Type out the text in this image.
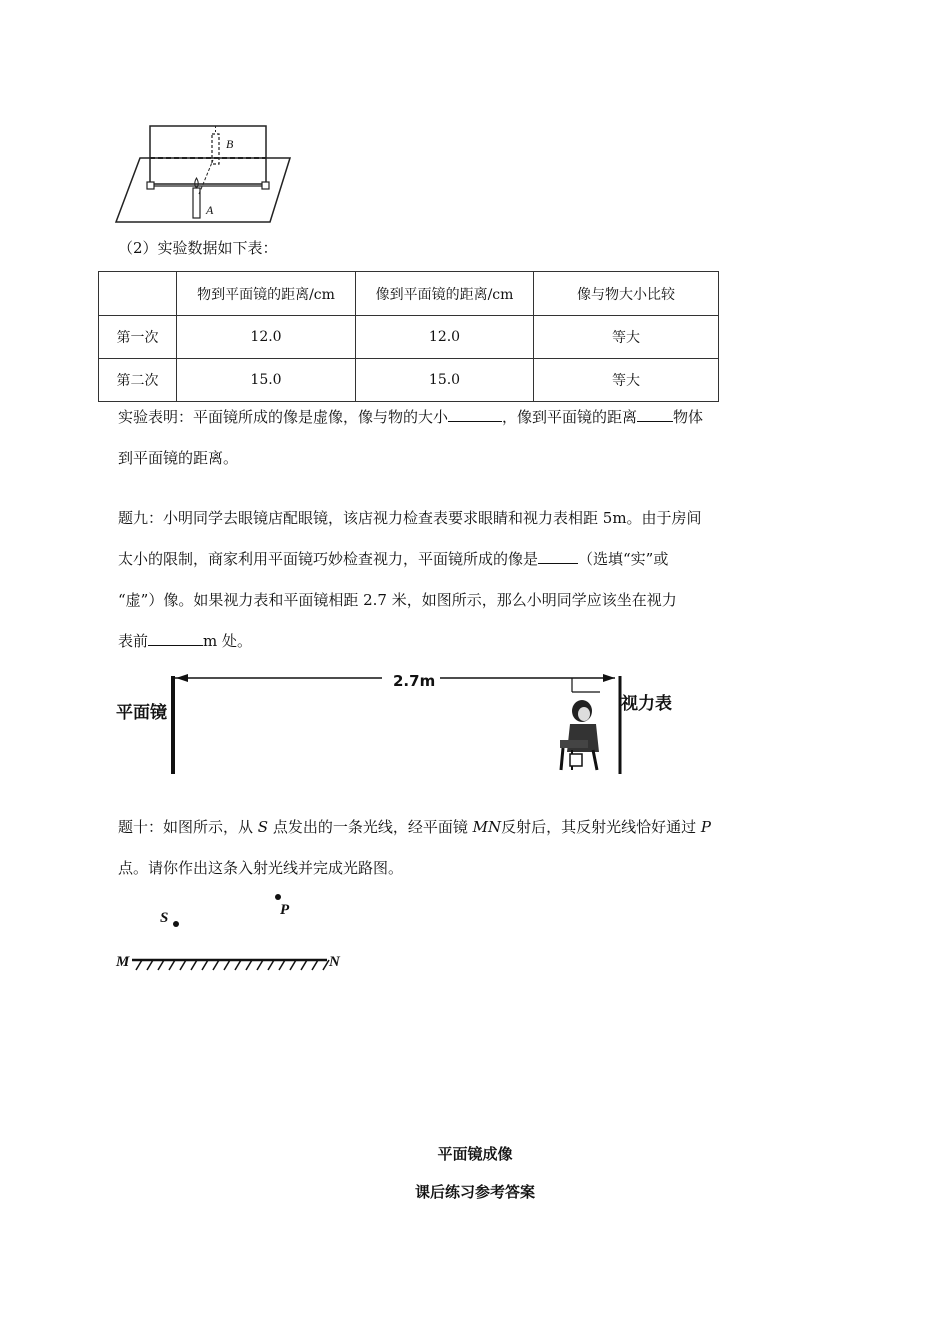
B
A
（2）实验数据如下表：
	物到平面镜的距离/cm	像到平面镜的距离/cm	像与物大小比较
第一次	12.0	12.0	等大
第二次	15.0	15.0	等大
实验表明：平面镜所成的像是虚像，像与物的大小	，像到平面镜的距离 物体
到平面镜的距离。
题九：小明同学去眼镜店配眼镜，该店视力检查表要求眼睛和视力表相距 5m。由于房间
太小的限制，商家利用平面镜巧妙检查视力，平面镜所成的像是	（选填“实”或
“虚”）像。如果视力表和平面镜相距 2.7 米，如图所示，那么小明同学应该坐在视力
表前	m 处。
2.7m
平面镜	视力表
题十：如图所示，从 S 点发出的一条光线，经平面镜 MN反射后，其反射光线恰好通过 P
点。请你作出这条入射光线并完成光路图。
S	P
M	N
平面镜成像
课后练习参考答案
